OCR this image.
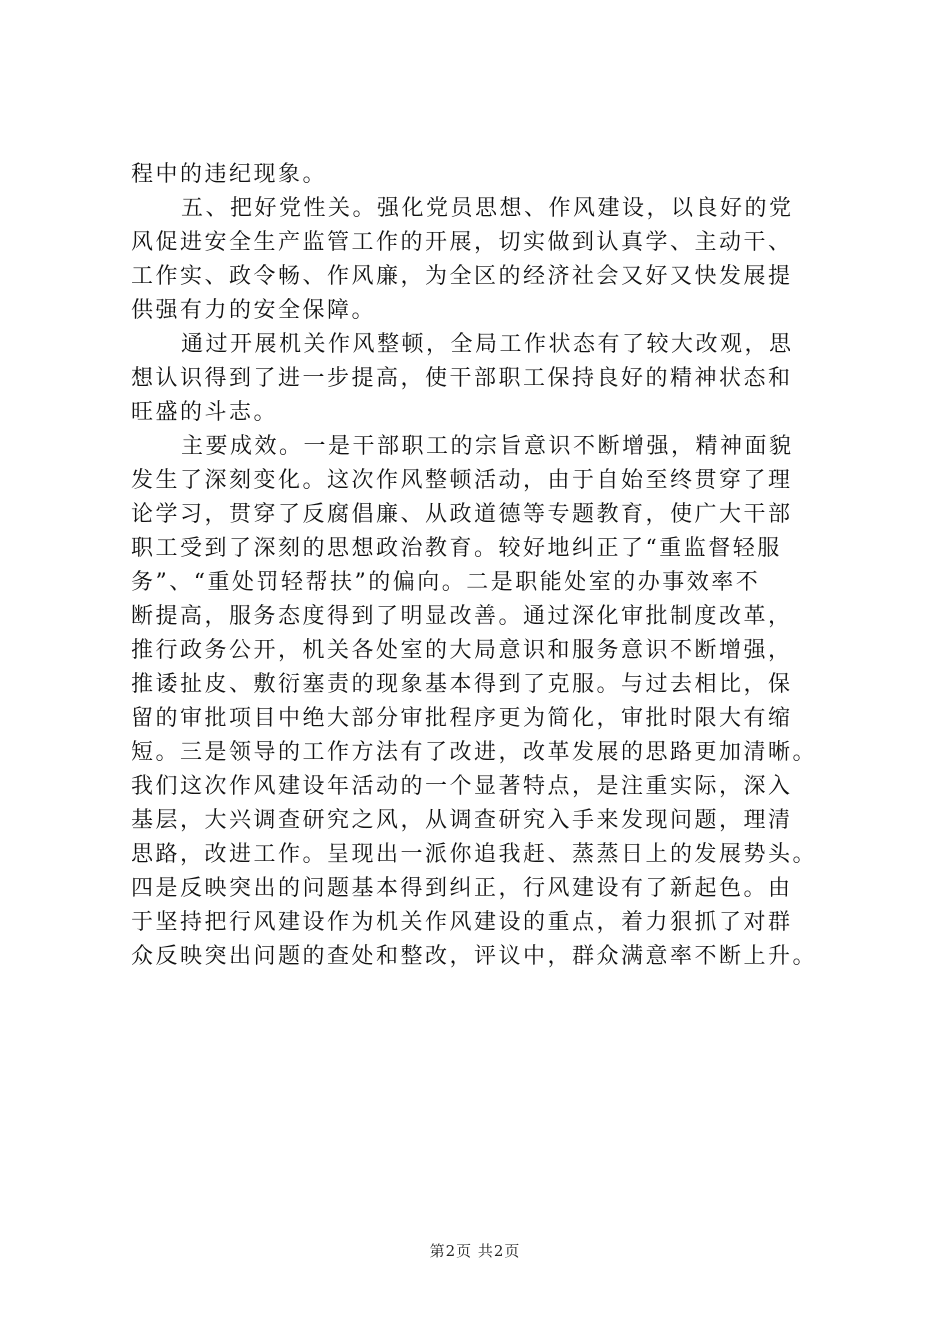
程中的违纪现象。
五、把好党性关。强化党员思想、作风建设，以良好的党
风促进安全生产监管工作的开展，切实做到认真学、主动干、
工作实、政令畅、作风廉，为全区的经济社会又好又快发展提
供强有力的安全保障。
通过开展机关作风整顿，全局工作状态有了较大改观，思
想认识得到了进一步提高，使干部职工保持良好的精神状态和
旺盛的斗志。
主要成效。一是干部职工的宗旨意识不断增强，精神面貌
发生了深刻变化。这次作风整顿活动，由于自始至终贯穿了理
论学习，贯穿了反腐倡廉、从政道德等专题教育，使广大干部
职工受到了深刻的思想政治教育。较好地纠正了“重监督轻服
务”、“重处罚轻帮扶”的偏向。二是职能处室的办事效率不
断提高，服务态度得到了明显改善。通过深化审批制度改革，
推行政务公开，机关各处室的大局意识和服务意识不断增强，
推诿扯皮、敷衍塞责的现象基本得到了克服。与过去相比，保
留的审批项目中绝大部分审批程序更为简化，审批时限大有缩
短。三是领导的工作方法有了改进，改革发展的思路更加清晰。
我们这次作风建设年活动的一个显著特点，是注重实际，深入
基层，大兴调查研究之风，从调查研究入手来发现问题，理清
思路，改进工作。呈现出一派你追我赶、蒸蒸日上的发展势头。
四是反映突出的问题基本得到纠正，行风建设有了新起色。由
于坚持把行风建设作为机关作风建设的重点，着力狠抓了对群
众反映突出问题的查处和整改，评议中，群众满意率不断上升。
第2页 共2页
